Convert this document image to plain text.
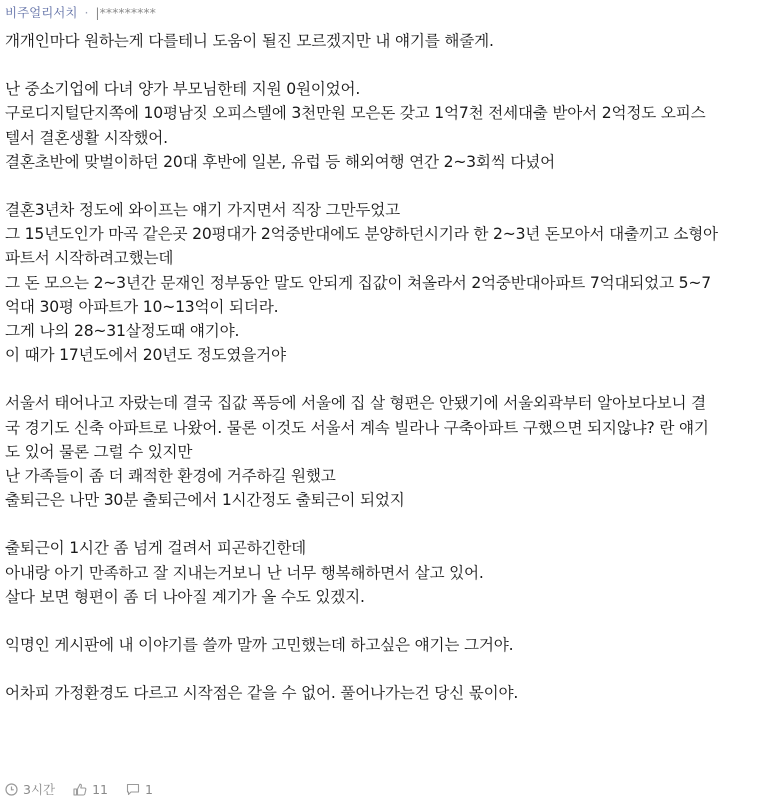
비주얼리서치 · |*********
개개인마다 원하는게 다를테니 도움이 될진 모르겠지만 내 얘기를 해줄게.
난 중소기업에 다녀 양가 부모님한테 지원 0원이었어.
구로디지털단지쪽에 10평남짓 오피스텔에 3천만원 모은돈 갖고 1억7천 전세대출 받아서 2억정도 오피스
텔서 결혼생활 시작했어.
결혼초반에 맞벌이하던 20대 후반에 일본, 유럽 등 해외여행 연간 2~3회씩 다녔어
결혼3년차 정도에 와이프는 얘기 가지면서 직장 그만두었고
그 15년도인가 마곡 같은곳 20평대가 2억중반대에도 분양하던시기라 한 2~3년 돈모아서 대출끼고 소형아
파트서 시작하려고했는데
그 돈 모으는 2~3년간 문재인 정부동안 말도 안되게 집값이 쳐올라서 2억중반대아파트 7억대되었고 5~7
억대 30평 아파트가 10~13억이 되더라.
그게 나의 28~31살정도때 얘기야.
이 때가 17년도에서 20년도 정도였을거야
서울서 태어나고 자랐는데 결국 집값 폭등에 서울에 집 살 형편은 안됐기에 서울외곽부터 알아보다보니 결
국 경기도 신축 아파트로 나왔어. 물론 이것도 서울서 계속 빌라나 구축아파트 구했으면 되지않냐? 란 얘기
도 있어 물론 그럴 수 있지만
난 가족들이 좀 더 쾌적한 환경에 거주하길 원했고
출퇴근은 나만 30분 출퇴근에서 1시간정도 출퇴근이 되었지
출퇴근이 1시간 좀 넘게 걸려서 피곤하긴한데
아내랑 아기 만족하고 잘 지내는거보니 난 너무 행복해하면서 살고 있어.
살다 보면 형편이 좀 더 나아질 계기가 올 수도 있겠지.
익명인 게시판에 내 이야기를 쓸까 말까 고민했는데 하고싶은 얘기는 그거야.
어차피 가정환경도 다르고 시작점은 같을 수 없어. 풀어나가는건 당신 몫이야.
3시간	11	1
